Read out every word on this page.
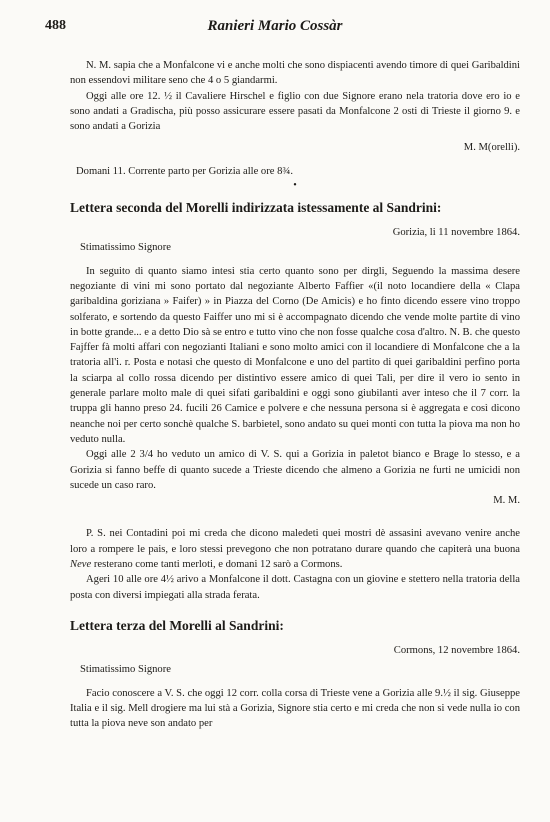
488	Ranieri Mario Cossàr

N. M. sapia che a Monfalcone vi e anche molti che sono dispiacenti avendo timore di quei Garibaldini non essendovi militare seno che 4 o 5 giandarmi.

Oggi alle ore 12. ½ il Cavaliere Hirschel e figlio con due Signore erano nela tratoria dove ero io e sono andati a Gradischa, più posso assicurare essere pasati da Monfalcone 2 osti di Trieste il giorno 9. e sono andati a Gorizia

M. M(orelli).

Domani 11. Corrente parto per Gorizia alle ore 8¾.

•

Lettera seconda del Morelli indirizzata istessamente al Sandrini:

Gorizia, li 11 novembre 1864.

Stimatissimo Signore

In seguito di quanto siamo intesi stia certo quanto sono per dirgli, Seguendo la massima desere negoziante di vini mi sono portato dal negoziante Alberto Faffier «(il noto locandiere della « Clapa garibaldina goriziana » Faifer) » in Piazza del Corno (De Amicis) e ho finto dicendo essere vino troppo solferato, e sortendo da questo Faiffer uno mi si è accompagnato dicendo che vende molte partite di vino in botte grande... e a detto Dio sà se entro e tutto vino che non fosse qualche cosa d'altro. N. B. che questo Fajffer fà molti affari con negozianti Italiani e sono molto amici con il locandiere di Monfalcone che a la tratoria all'i. r. Posta e notasi che questo di Monfalcone e uno del partito di quei garibaldini perfino porta la sciarpa al collo rossa dicendo per distintivo essere amico di quei Tali, per dire il vero io sento in generale parlare molto male di quei sifati garibaldini e oggi sono giubilanti aver inteso che il 7 corr. la truppa gli hanno preso 24. fucili 26 Camice e polvere e che nessuna persona si è aggregata e così dicono neanche noi per certo sonchè qualche S. barbietel, sono andato su quei monti con tutta la piova ma non ho veduto nulla.

Oggi alle 2 3/4 ho veduto un amico di V. S. qui a Gorizia in paletot bianco e Brage lo stesso, e a Gorizia si fanno beffe di quanto sucede a Trieste dicendo che almeno a Gorizia ne furti ne umicidi non sucede un caso raro.

M. M.

P. S. nei Contadini poi mi creda che dicono maledeti quei mostri dè assasini avevano venire anche loro a rompere le pais, e loro stessi prevegono che non potratano durare quando che capiterà una buona Neve resterano come tanti merloti, e domani 12 sarò a Cormons.

Ageri 10 alle ore 4½ arivo a Monfalcone il dott. Castagna con un giovine e stettero nella tratoria della posta con diversi impiegati alla strada ferata.

Lettera terza del Morelli al Sandrini:

Cormons, 12 novembre 1864.

Stimatissimo Signore

Facio conoscere a V. S. che oggi 12 corr. colla corsa di Trieste vene a Gorizia alle 9.½ il sig. Giuseppe Italia e il sig. Mell drogiere ma lui stà a Gorizia, Signore stia certo e mi creda che non si vede nulla io con tutta la piova neve son andato per
